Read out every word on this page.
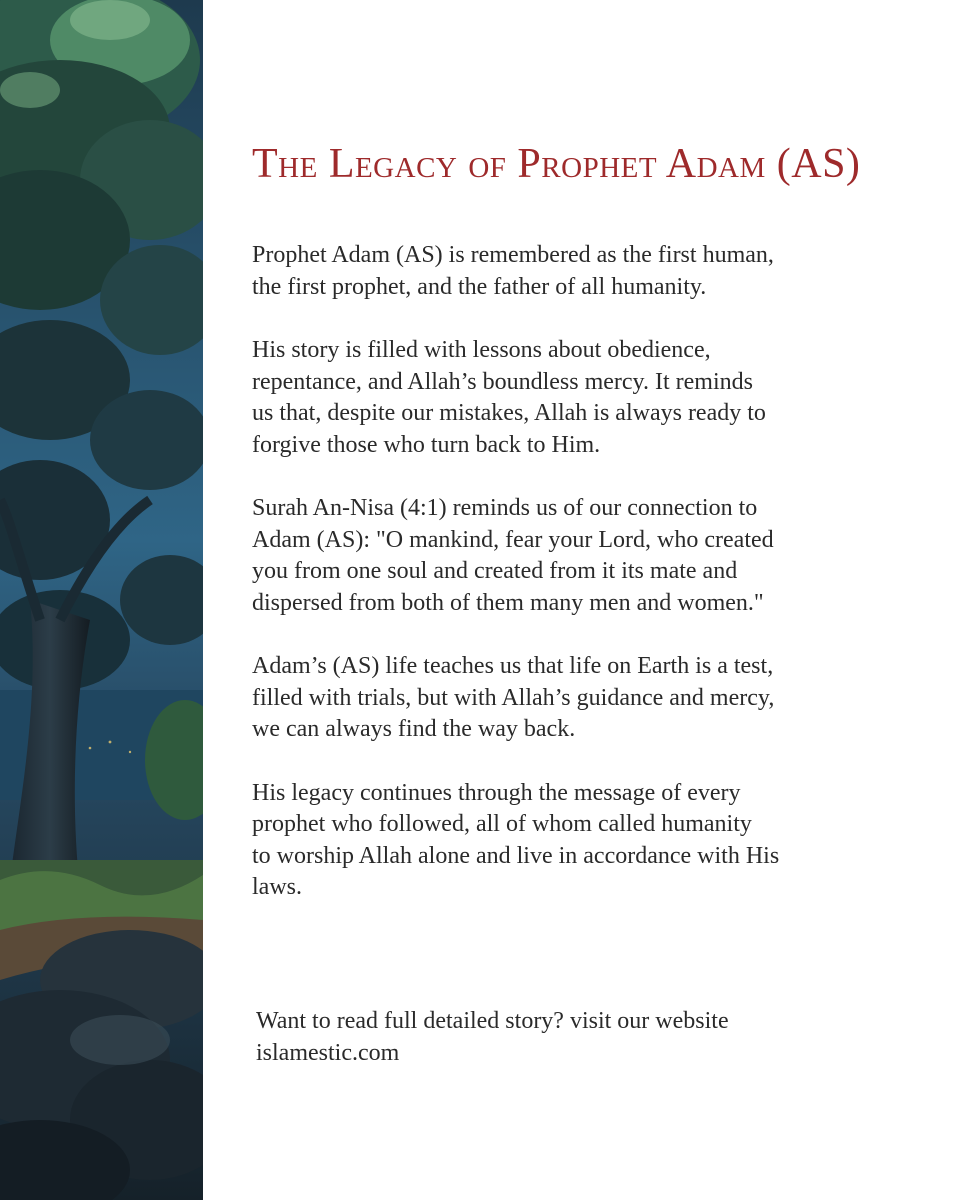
The Legacy of Prophet Adam (AS)

Prophet Adam (AS) is remembered as the first human,
the first prophet, and the father of all humanity.

His story is filled with lessons about obedience,
repentance, and Allah’s boundless mercy. It reminds
us that, despite our mistakes, Allah is always ready to
forgive those who turn back to Him.

Surah An-Nisa (4:1) reminds us of our connection to
Adam (AS): "O mankind, fear your Lord, who created
you from one soul and created from it its mate and
dispersed from both of them many men and women."

Adam’s (AS) life teaches us that life on Earth is a test,
filled with trials, but with Allah’s guidance and mercy,
we can always find the way back.

His legacy continues through the message of every
prophet who followed, all of whom called humanity
to worship Allah alone and live in accordance with His
laws.

Want to read full detailed story? visit our website
islamestic.com
